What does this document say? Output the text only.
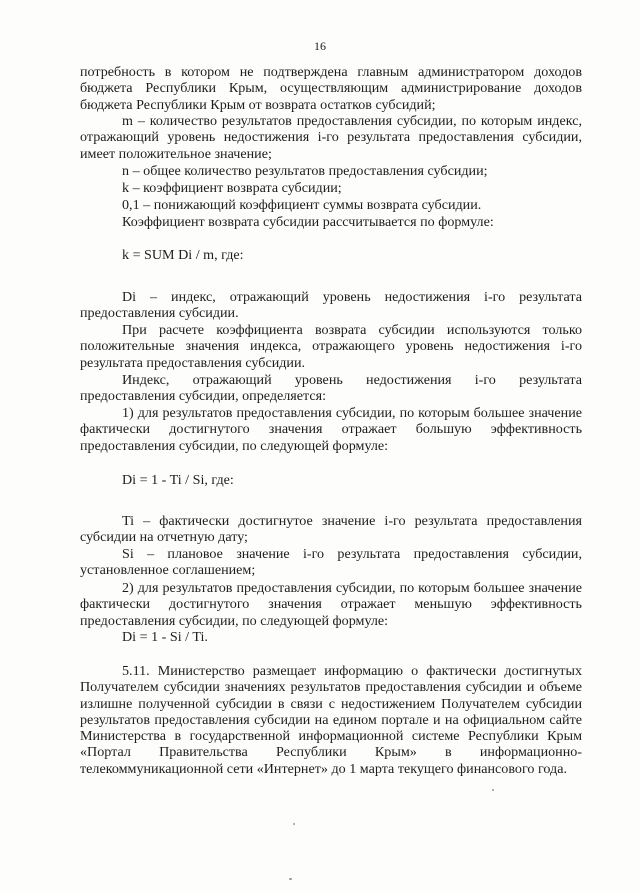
16

потребность в котором не подтверждена главным администратором доходов бюджета Республики Крым, осуществляющим администрирование доходов бюджета Республики Крым от возврата остатков субсидий;

m – количество результатов предоставления субсидии, по которым индекс, отражающий уровень недостижения i-го результата предоставления субсидии, имеет положительное значение;

n – общее количество результатов предоставления субсидии;

k – коэффициент возврата субсидии;

0,1 – понижающий коэффициент суммы возврата субсидии.

Коэффициент возврата субсидии рассчитывается по формуле:

k = SUM Di / m, где:

Di – индекс, отражающий уровень недостижения i-го результата предоставления субсидии.

При расчете коэффициента возврата субсидии используются только положительные значения индекса, отражающего уровень недостижения i-го результата предоставления субсидии.

Индекс, отражающий уровень недостижения i-го результата предоставления субсидии, определяется:

1) для результатов предоставления субсидии, по которым большее значение фактически достигнутого значения отражает большую эффективность предоставления субсидии, по следующей формуле:

Di = 1 - Ti / Si, где:

Ti – фактически достигнутое значение i-го результата предоставления субсидии на отчетную дату;

Si – плановое значение i-го результата предоставления субсидии, установленное соглашением;

2) для результатов предоставления субсидии, по которым большее значение фактически достигнутого значения отражает меньшую эффективность предоставления субсидии, по следующей формуле:

Di = 1 - Si / Ti.

5.11. Министерство размещает информацию о фактически достигнутых Получателем субсидии значениях результатов предоставления субсидии и объеме излишне полученной субсидии в связи с недостижением Получателем субсидии результатов предоставления субсидии на едином портале и на официальном сайте Министерства в государственной информационной системе Республики Крым «Портал Правительства Республики Крым» в информационно-телекоммуникационной сети «Интернет» до 1 марта текущего финансового года.
